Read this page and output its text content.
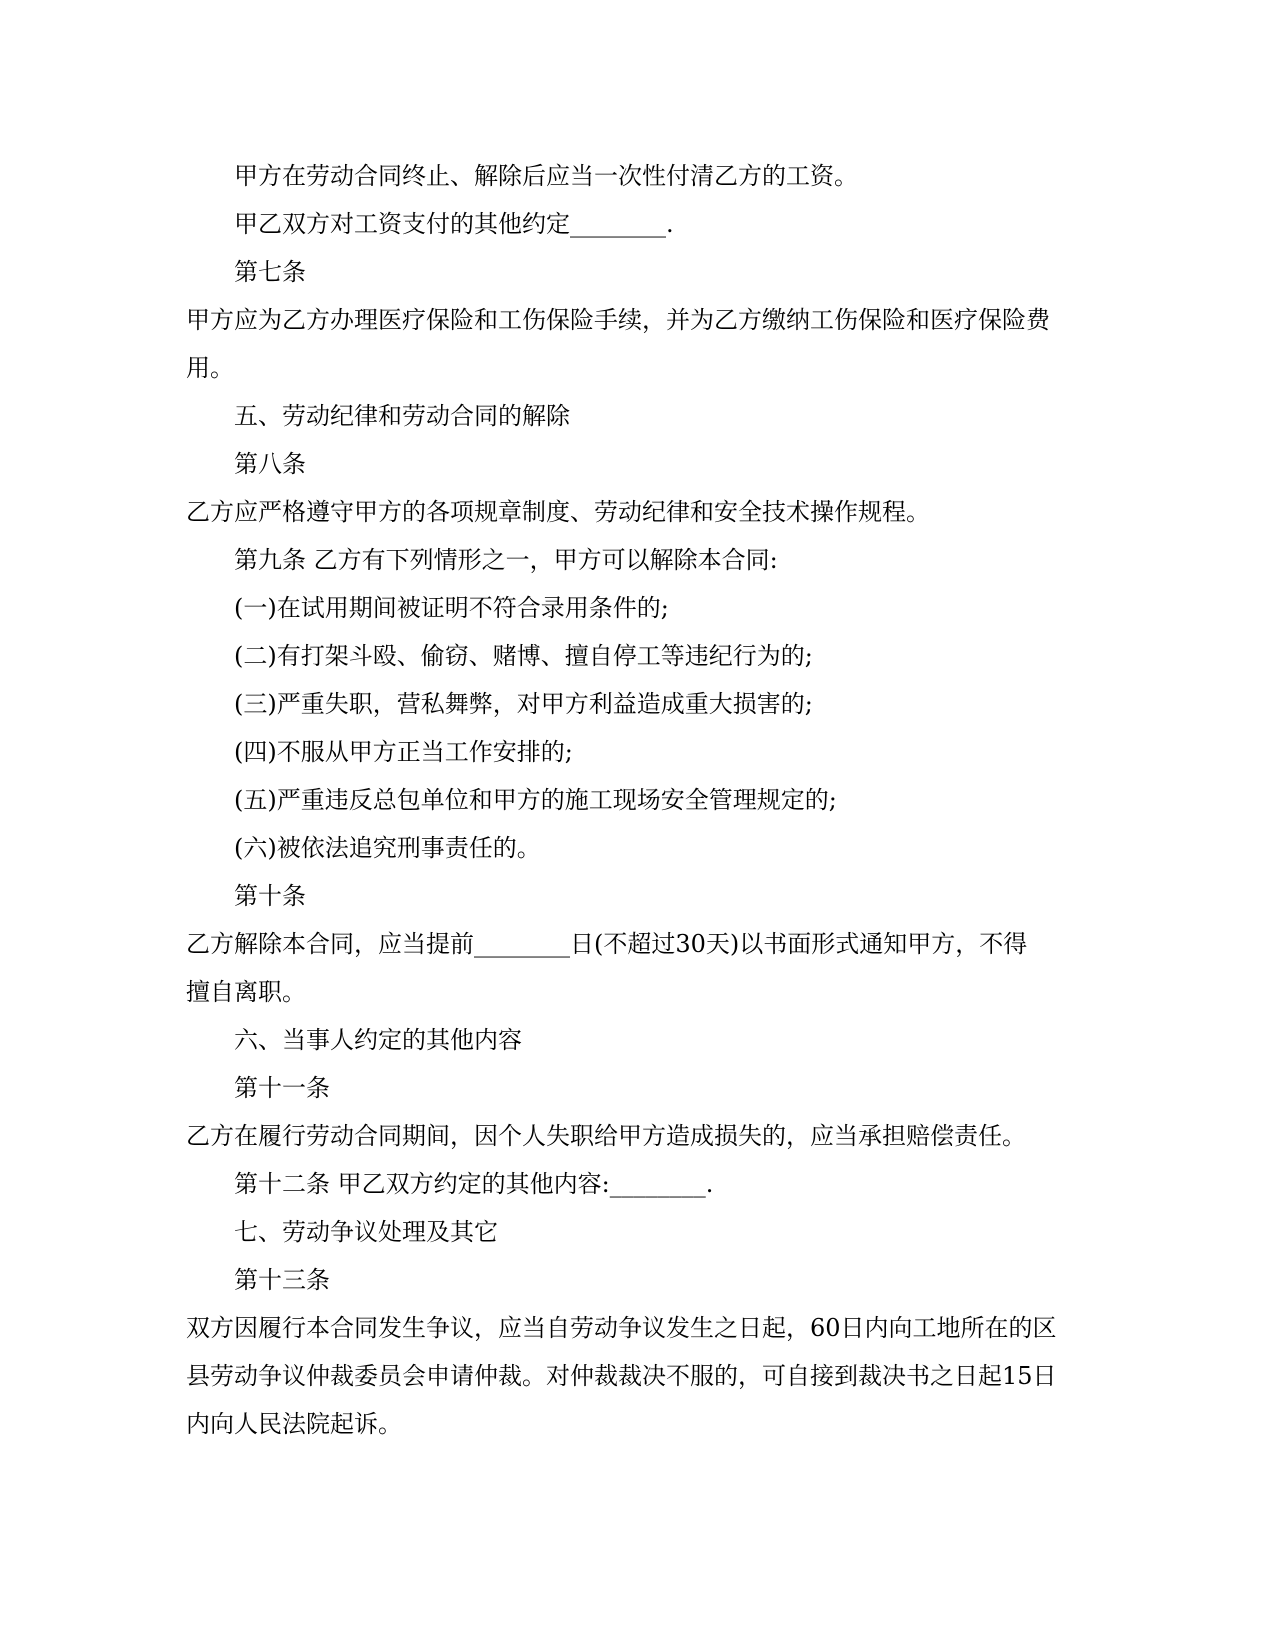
甲方在劳动合同终止、解除后应当一次性付清乙方的工资。
甲乙双方对工资支付的其他约定________.
第七条
甲方应为乙方办理医疗保险和工伤保险手续，并为乙方缴纳工伤保险和医疗保险费
用。
五、劳动纪律和劳动合同的解除
第八条
乙方应严格遵守甲方的各项规章制度、劳动纪律和安全技术操作规程。
第九条 乙方有下列情形之一，甲方可以解除本合同:
(一)在试用期间被证明不符合录用条件的;
(二)有打架斗殴、偷窃、赌博、擅自停工等违纪行为的;
(三)严重失职，营私舞弊，对甲方利益造成重大损害的;
(四)不服从甲方正当工作安排的;
(五)严重违反总包单位和甲方的施工现场安全管理规定的;
(六)被依法追究刑事责任的。
第十条
乙方解除本合同，应当提前________日(不超过30天)以书面形式通知甲方，不得
擅自离职。
六、当事人约定的其他内容
第十一条
乙方在履行劳动合同期间，因个人失职给甲方造成损失的，应当承担赔偿责任。
第十二条 甲乙双方约定的其他内容:________.
七、劳动争议处理及其它
第十三条
双方因履行本合同发生争议，应当自劳动争议发生之日起，60日内向工地所在的区
县劳动争议仲裁委员会申请仲裁。对仲裁裁决不服的，可自接到裁决书之日起15日
内向人民法院起诉。
